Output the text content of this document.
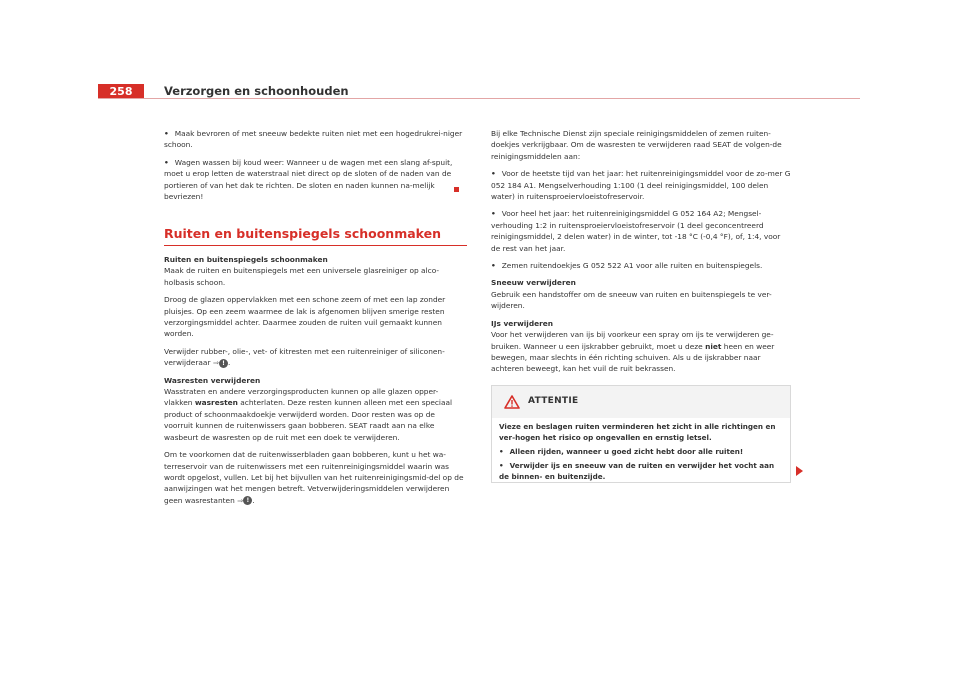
258	Verzorgen en schoonhouden

• Maak bevroren of met sneeuw bedekte ruiten niet met een hogedrukrei-niger schoon.

• Wagen wassen bij koud weer: Wanneer u de wagen met een slang af-spuit, moet u erop letten de waterstraal niet direct op de sloten of de naden van de portieren of van het dak te richten. De sloten en naden kunnen na-melijk bevriezen!

Ruiten en buitenspiegels schoonmaken

Ruiten en buitenspiegels schoonmaken

Maak de ruiten en buitenspiegels met een universele glasreiniger op alco-holbasis schoon.

Droog de glazen oppervlakken met een schone zeem of met een lap zonder pluisjes. Op een zeem waarmee de lak is afgenomen blijven smerige resten verzorgingsmiddel achter. Daarmee zouden de ruiten vuil gemaakt kunnen worden.

Verwijder rubber-, olie-, vet- of kitresten met een ruitenreiniger of siliconen-verwijderaar ⇒ ! .

Wasresten verwijderen

Wasstraten en andere verzorgingsproducten kunnen op alle glazen opper-vlakken wasresten achterlaten. Deze resten kunnen alleen met een speciaal product of schoonmaakdoekje verwijderd worden. Door resten was op de voorruit kunnen de ruitenwissers gaan bobberen. SEAT raadt aan na elke wasbeurt de wasresten op de ruit met een doek te verwijderen.

Om te voorkomen dat de ruitenwisserbladen gaan bobberen, kunt u het wa-terreservoir van de ruitenwissers met een ruitenreinigingsmiddel waarin was wordt opgelost, vullen. Let bij het bijvullen van het ruitenreinigingsmid-del op de aanwijzingen wat het mengen betreft. Vetverwijderingsmiddelen verwijderen geen wasrestanten ⇒ ! .

Bij elke Technische Dienst zijn speciale reinigingsmiddelen of zemen ruiten-doekjes verkrijgbaar. Om de wasresten te verwijderen raad SEAT de volgen-de reinigingsmiddelen aan:

• Voor de heetste tijd van het jaar: het ruitenreinigingsmiddel voor de zo-mer G 052 184 A1. Mengselverhouding 1:100 (1 deel reinigingsmiddel, 100 delen water) in ruitensproeiervloeistofreservoir.

• Voor heel het jaar: het ruitenreinigingsmiddel G 052 164 A2; Mengsel-verhouding 1:2 in ruitensproeiervloeistofreservoir (1 deel geconcentreerd reinigingsmiddel, 2 delen water) in de winter, tot -18 °C (-0,4 °F), of, 1:4, voor de rest van het jaar.

• Zemen ruitendoekjes G 052 522 A1 voor alle ruiten en buitenspiegels.

Sneeuw verwijderen

Gebruik een handstoffer om de sneeuw van ruiten en buitenspiegels te ver-wijderen.

IJs verwijderen

Voor het verwijderen van ijs bij voorkeur een spray om ijs te verwijderen ge-bruiken. Wanneer u een ijskrabber gebruikt, moet u deze niet heen en weer bewegen, maar slechts in één richting schuiven. Als u de ijskrabber naar achteren beweegt, kan het vuil de ruit bekrassen.

ATTENTIE

Vieze en beslagen ruiten verminderen het zicht in alle richtingen en ver-hogen het risico op ongevallen en ernstig letsel.

• Alleen rijden, wanneer u goed zicht hebt door alle ruiten!

• Verwijder ijs en sneeuw van de ruiten en verwijder het vocht aan de binnen- en buitenzijde.
